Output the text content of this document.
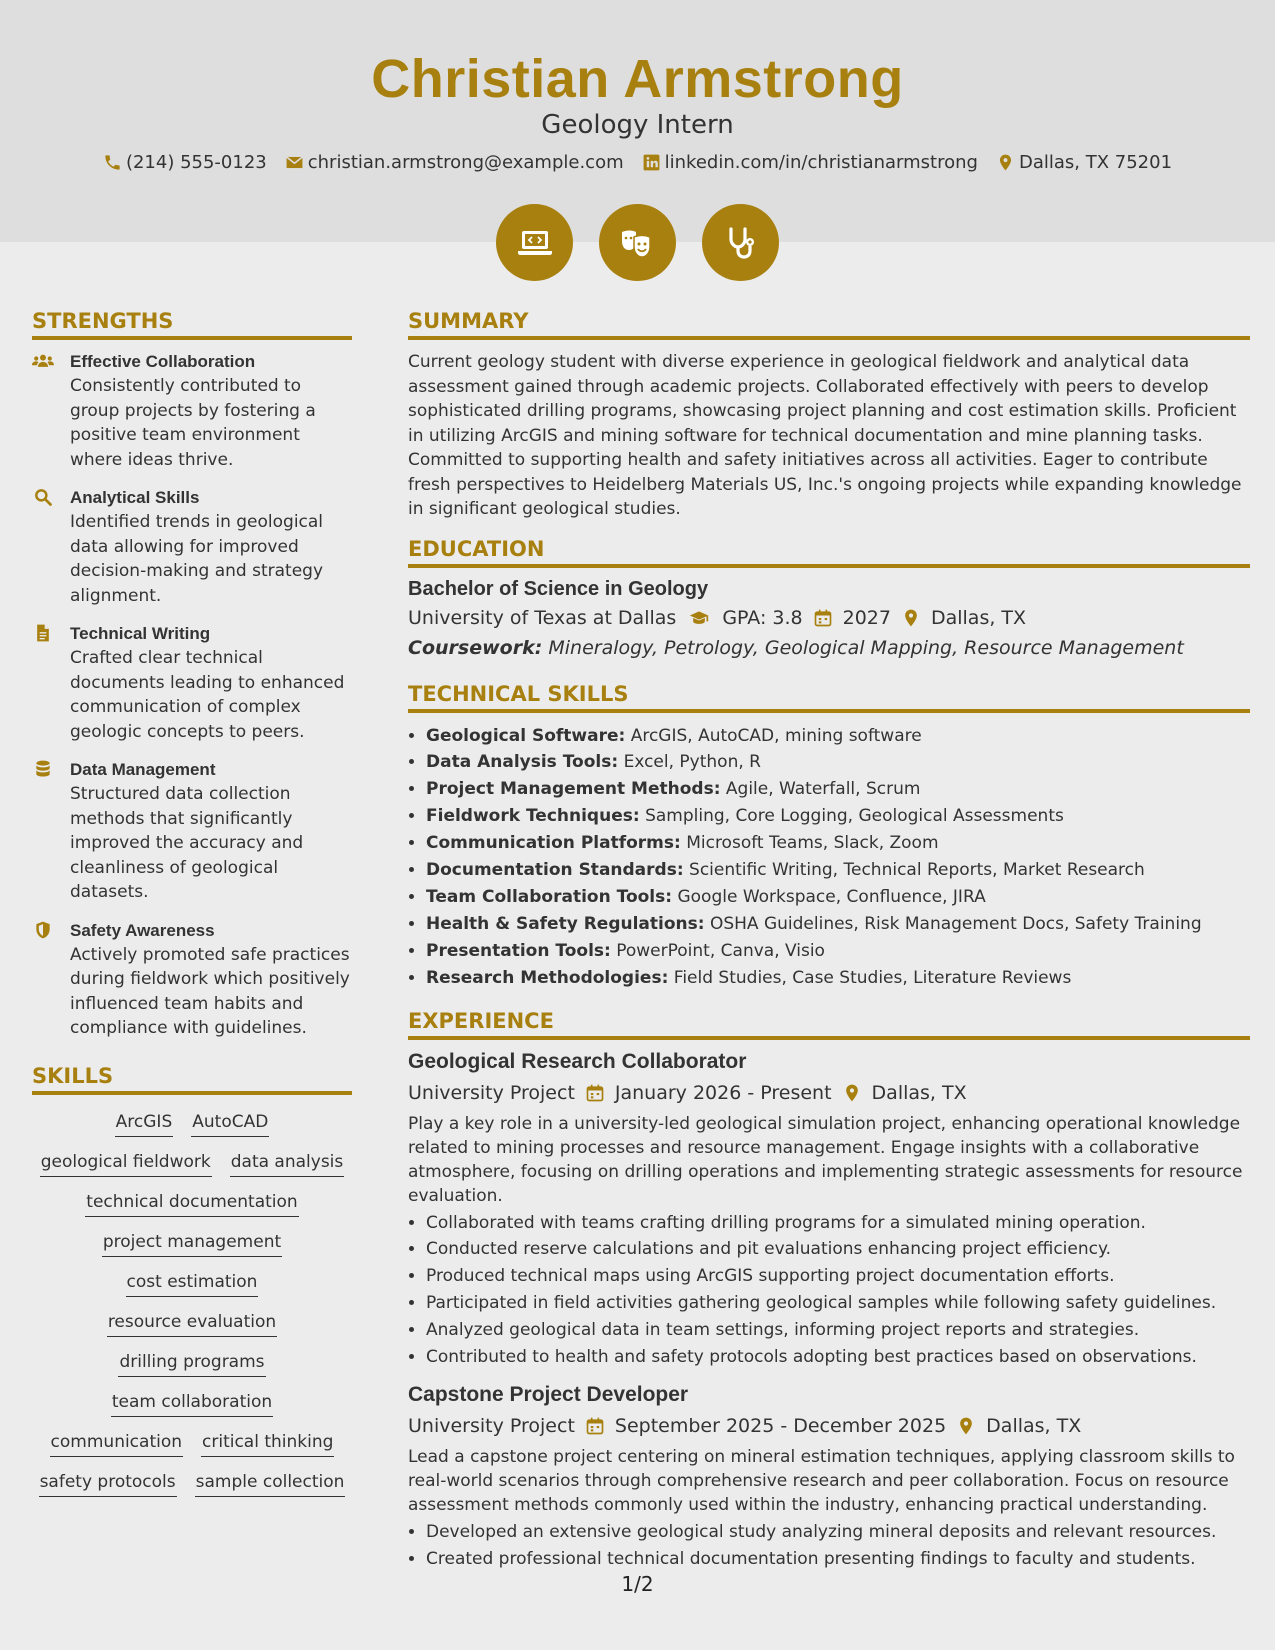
Christian Armstrong
Geology Intern
(214) 555-0123 christian.armstrong@example.com linkedin.com/in/christianarmstrong Dallas, TX 75201
STRENGTHS
Effective Collaboration
Consistently contributed to group projects by fostering a positive team environment where ideas thrive.
Analytical Skills
Identified trends in geological data allowing for improved decision-making and strategy alignment.
Technical Writing
Crafted clear technical documents leading to enhanced communication of complex geologic concepts to peers.
Data Management
Structured data collection methods that significantly improved the accuracy and cleanliness of geological datasets.
Safety Awareness
Actively promoted safe practices during fieldwork which positively influenced team habits and compliance with guidelines.
SKILLS
ArcGIS AutoCAD
geological fieldwork data analysis
technical documentation
project management
cost estimation
resource evaluation
drilling programs
team collaboration
communication critical thinking
safety protocols sample collection
SUMMARY

Current geology student with diverse experience in geological fieldwork and analytical data assessment gained through academic projects. Collaborated effectively with peers to develop sophisticated drilling programs, showcasing project planning and cost estimation skills. Proficient in utilizing ArcGIS and mining software for technical documentation and mine planning tasks. Committed to supporting health and safety initiatives across all activities. Eager to contribute fresh perspectives to Heidelberg Materials US, Inc.'s ongoing projects while expanding knowledge in significant geological studies.

EDUCATION
Bachelor of Science in Geology
University of Texas at Dallas GPA: 3.8 2027 Dallas, TX
Coursework: Mineralogy, Petrology, Geological Mapping, Resource Management
TECHNICAL SKILLS
• Geological Software: ArcGIS, AutoCAD, mining software
• Data Analysis Tools: Excel, Python, R
• Project Management Methods: Agile, Waterfall, Scrum
• Fieldwork Techniques: Sampling, Core Logging, Geological Assessments
• Communication Platforms: Microsoft Teams, Slack, Zoom
• Documentation Standards: Scientific Writing, Technical Reports, Market Research
• Team Collaboration Tools: Google Workspace, Confluence, JIRA
• Health & Safety Regulations: OSHA Guidelines, Risk Management Docs, Safety Training
• Presentation Tools: PowerPoint, Canva, Visio
• Research Methodologies: Field Studies, Case Studies, Literature Reviews
EXPERIENCE
Geological Research Collaborator
University Project January 2026 - Present Dallas, TX
Play a key role in a university-led geological simulation project, enhancing operational knowledge related to mining processes and resource management. Engage insights with a collaborative atmosphere, focusing on drilling operations and implementing strategic assessments for resource evaluation.
• Collaborated with teams crafting drilling programs for a simulated mining operation.
• Conducted reserve calculations and pit evaluations enhancing project efficiency.
• Produced technical maps using ArcGIS supporting project documentation efforts.
• Participated in field activities gathering geological samples while following safety guidelines.
• Analyzed geological data in team settings, informing project reports and strategies.
• Contributed to health and safety protocols adopting best practices based on observations.
Capstone Project Developer
University Project September 2025 - December 2025 Dallas, TX
Lead a capstone project centering on mineral estimation techniques, applying classroom skills to real-world scenarios through comprehensive research and peer collaboration. Focus on resource assessment methods commonly used within the industry, enhancing practical understanding.
• Developed an extensive geological study analyzing mineral deposits and relevant resources.
• Created professional technical documentation presenting findings to faculty and students.
1/2
